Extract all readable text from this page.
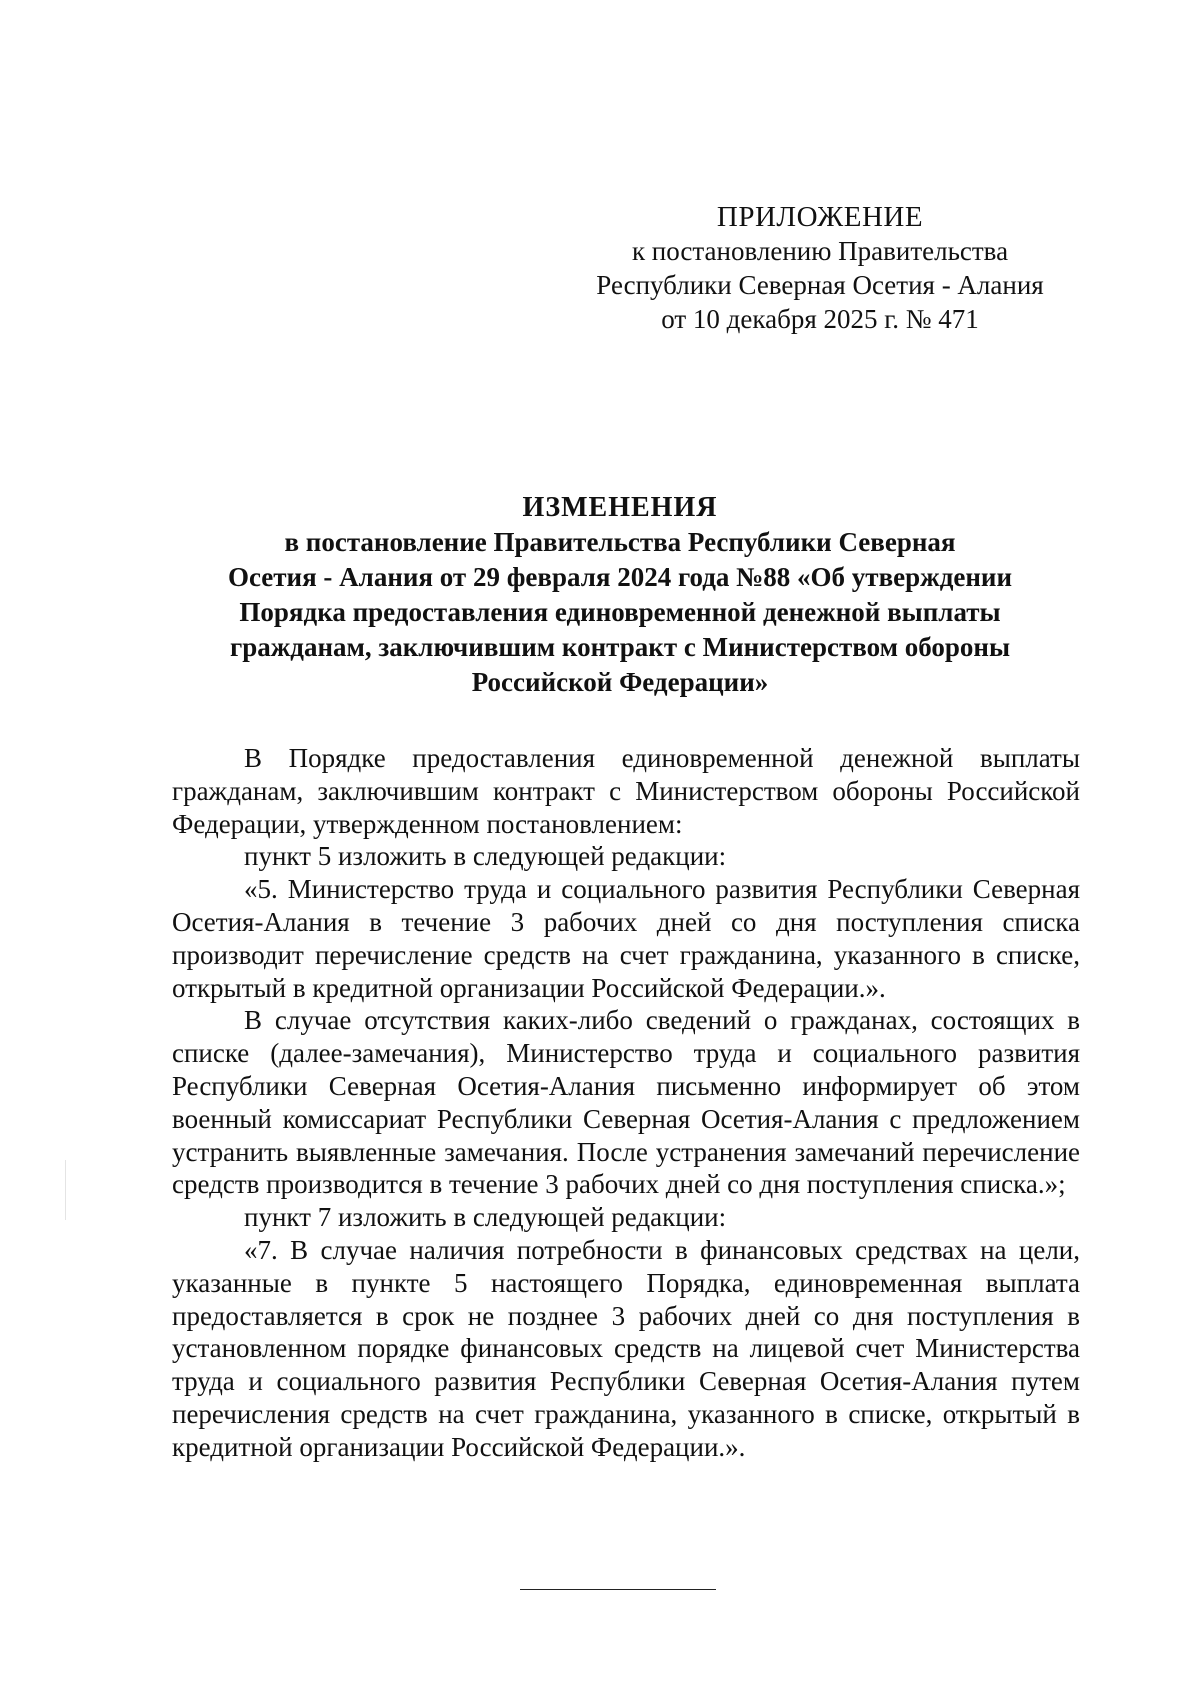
ПРИЛОЖЕНИЕ
к постановлению Правительства
Республики Северная Осетия - Алания
от 10 декабря 2025 г. № 471
ИЗМЕНЕНИЯ
в постановление Правительства Республики Северная
Осетия - Алания от 29 февраля 2024 года №88 «Об утверждении
Порядка предоставления единовременной денежной выплаты
гражданам, заключившим контракт с Министерством обороны
Российской Федерации»

В Порядке предоставления единовременной денежной выплаты гражданам, заключившим контракт с Министерством обороны Российской Федерации, утвержденном постановлением:

пункт 5 изложить в следующей редакции:

«5. Министерство труда и социального развития Республики Северная Осетия-Алания в течение 3 рабочих дней со дня поступления списка производит перечисление средств на счет гражданина, указанного в списке, открытый в кредитной организации Российской Федерации.».

В случае отсутствия каких-либо сведений о гражданах, состоящих в списке (далее-замечания), Министерство труда и социального развития Республики Северная Осетия-Алания письменно информирует об этом военный комиссариат Республики Северная Осетия-Алания с предложением устранить выявленные замечания. После устранения замечаний перечисление средств производится в течение 3 рабочих дней со дня поступления списка.»;

пункт 7 изложить в следующей редакции:

«7. В случае наличия потребности в финансовых средствах на цели, указанные в пункте 5 настоящего Порядка, единовременная выплата предоставляется в срок не позднее 3 рабочих дней со дня поступления в установленном порядке финансовых средств на лицевой счет Министерства труда и социального развития Республики Северная Осетия-Алания путем перечисления средств на счет гражданина, указанного в списке, открытый в кредитной организации Российской Федерации.».
